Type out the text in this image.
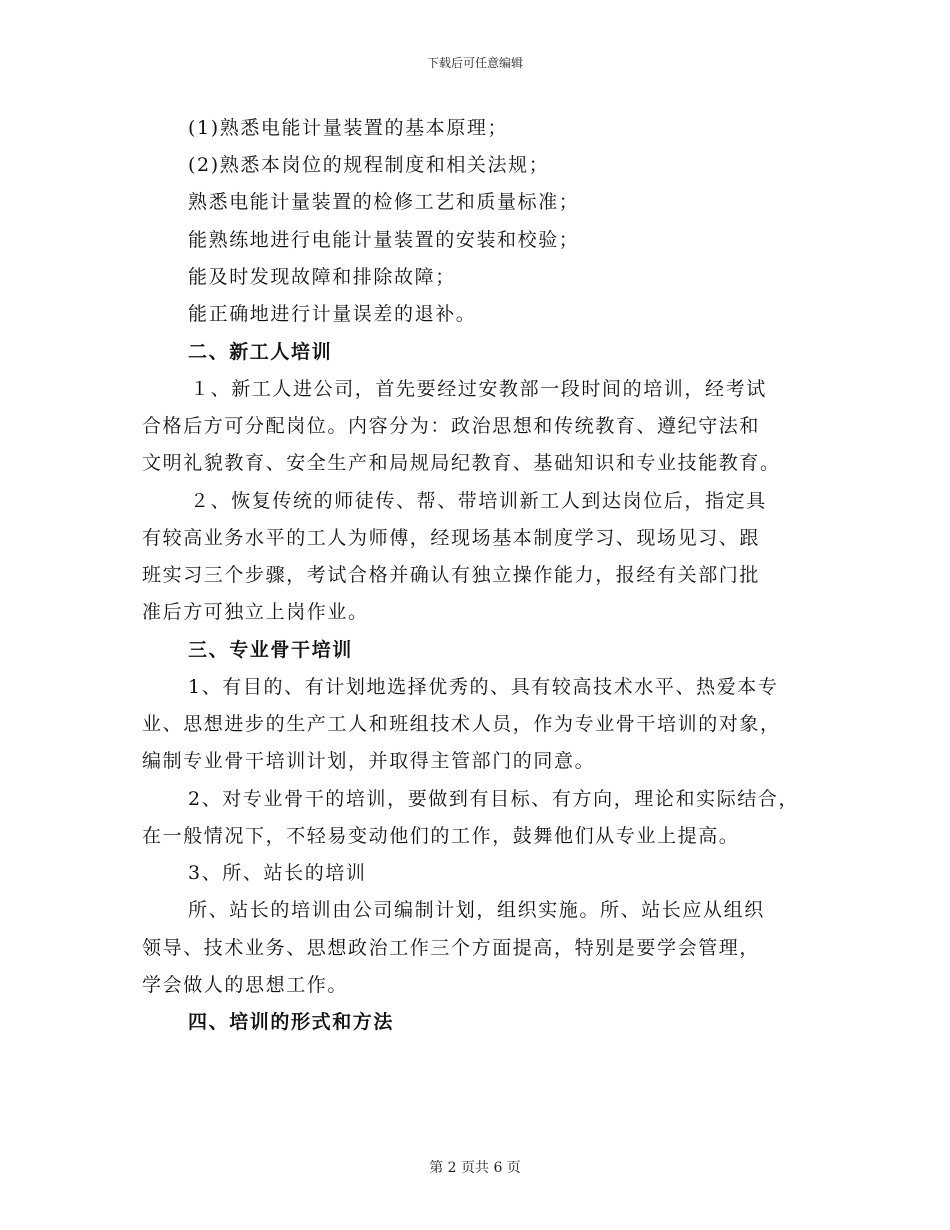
下载后可任意编辑
(1)熟悉电能计量装置的基本原理；
(2)熟悉本岗位的规程制度和相关法规；
熟悉电能计量装置的检修工艺和质量标准；
能熟练地进行电能计量装置的安装和校验；
能及时发现故障和排除故障；
能正确地进行计量误差的退补。
二、新工人培训
１、新工人进公司，首先要经过安教部一段时间的培训，经考试
合格后方可分配岗位。内容分为：政治思想和传统教育、遵纪守法和
文明礼貌教育、安全生产和局规局纪教育、基础知识和专业技能教育。
２、恢复传统的师徒传、帮、带培训新工人到达岗位后，指定具
有较高业务水平的工人为师傅，经现场基本制度学习、现场见习、跟
班实习三个步骤，考试合格并确认有独立操作能力，报经有关部门批
准后方可独立上岗作业。
三、专业骨干培训
1、有目的、有计划地选择优秀的、具有较高技术水平、热爱本专
业、思想进步的生产工人和班组技术人员，作为专业骨干培训的对象，
编制专业骨干培训计划，并取得主管部门的同意。
2、对专业骨干的培训，要做到有目标、有方向，理论和实际结合，
在一般情况下，不轻易变动他们的工作，鼓舞他们从专业上提高。
3、所、站长的培训
所、站长的培训由公司编制计划，组织实施。所、站长应从组织
领导、技术业务、思想政治工作三个方面提高，特别是要学会管理，
学会做人的思想工作。
四、培训的形式和方法
第 2 页共 6 页
